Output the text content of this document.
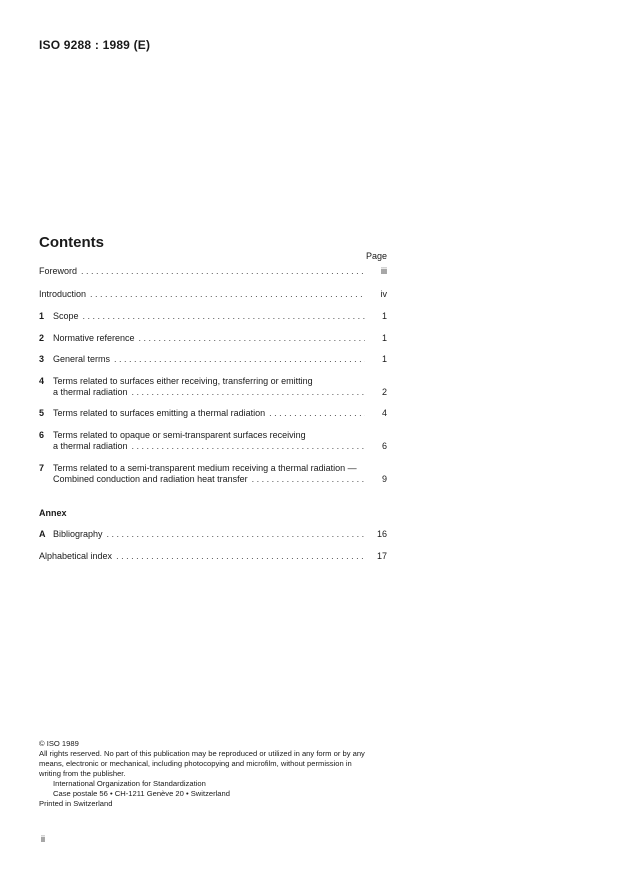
ISO 9288 : 1989 (E)
Contents
Page
Foreword . . .	iii
Introduction . . .	iv
1 Scope . . .	1
2 Normative reference . . .	1
3 General terms . . .	1
4 Terms related to surfaces either receiving, transferring or emitting
a thermal radiation . . .	2
5 Terms related to surfaces emitting a thermal radiation . . .	4
6 Terms related to opaque or semi-transparent surfaces receiving
a thermal radiation . . .	6
7 Terms related to a semi-transparent medium receiving a thermal radiation —
Combined conduction and radiation heat transfer . . .	9
Annex
A Bibliography . . .	16
Alphabetical index . . .	17
© ISO 1989
All rights reserved. No part of this publication may be reproduced or utilized in any form or by any
means, electronic or mechanical, including photocopying and microfilm, without permission in
writing from the publisher.
International Organization for Standardization
Case postale 56 • CH-1211 Genève 20 • Switzerland
Printed in Switzerland
ii
